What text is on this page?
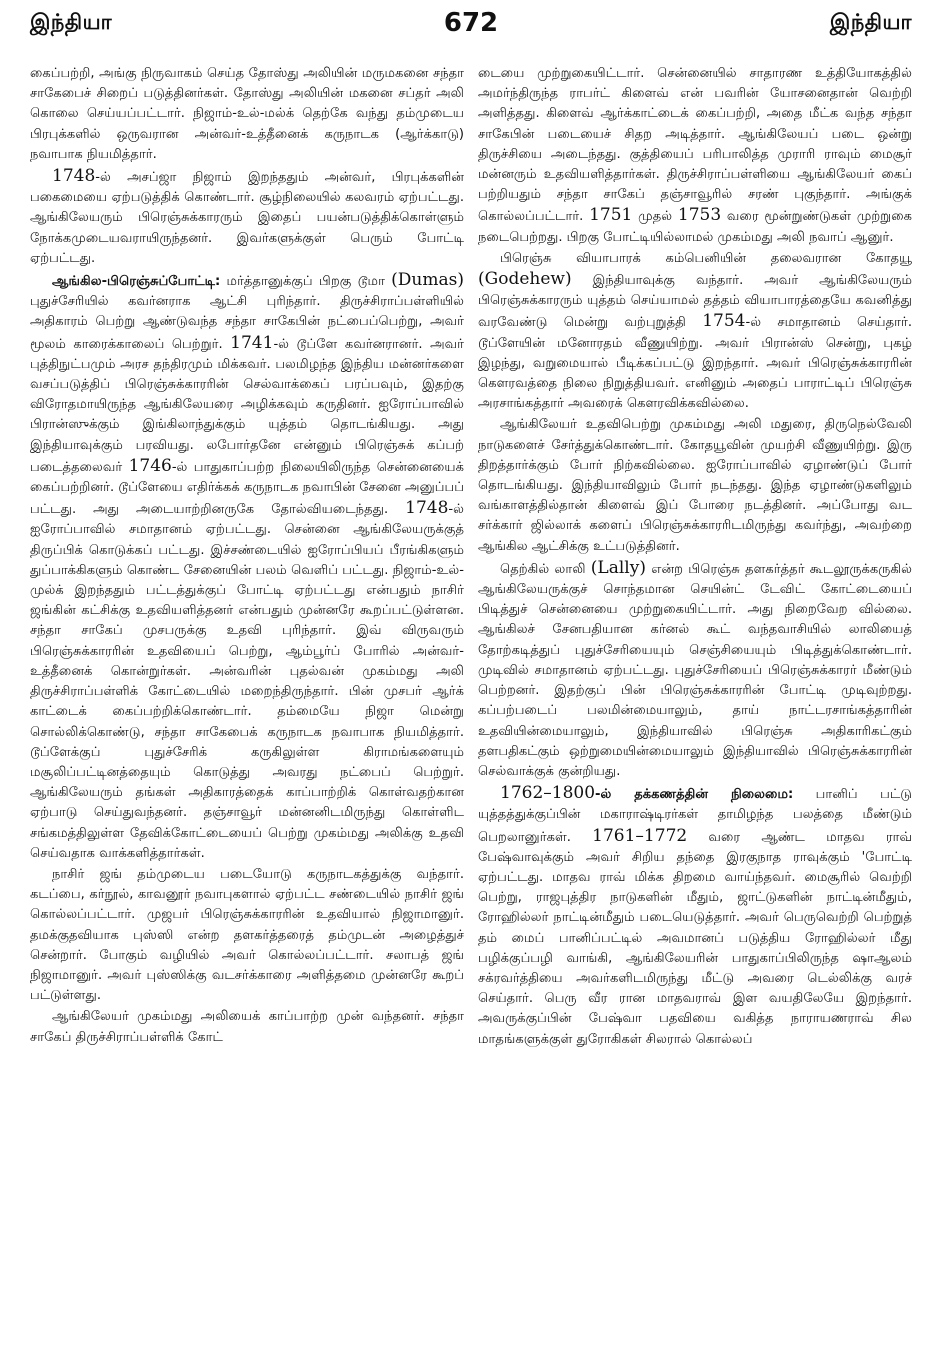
இந்தியா	672	இந்தியா

கைப்பற்றி, அங்கு நிருவாகம் செய்த தோஸ்து அலியின் மருமகனை சந்தா சாகேபைச் சிறைப் படுத்தினர்கள். தோஸ்து அலியின் மகனை சப்தர் அலி கொலை செய்யப்பட்டார். நிஜாம்-உல்-மல்க் தெற்கே வந்து தம்முடைய பிரபுக்களில் ஒருவரான அன்வர்-உத்தீனைக் கருநாடக (ஆர்க்காடு) நவாபாக நியமித்தார்.

1748-ல் அசப்ஜா நிஜாம் இறந்ததும் அன்வர், பிரபுக்களின் பகைமையை ஏற்படுத்திக் கொண்டார். சூழ்நிலையில் கலவரம் ஏற்பட்டது. ஆங்கிலேயரும் பிரெஞ்சுக்காரரும் இதைப் பயன்படுத்திக்கொள்ளும் நோக்கமுடையவராயிருந்தனர். இவர்களுக்குள் பெரும் போட்டி ஏற்பட்டது.

ஆங்கில-பிரெஞ்சுப்போட்டி: மர்த்தானுக்குப் பிறகு டூமா (Dumas) புதுச்சேரியில் கவர்னராக ஆட்சி புரிந்தார். திருச்சிராப்பள்ளியில் அதிகாரம் பெற்று ஆண்டுவந்த சந்தா சாகேபின் நட்பைப்பெற்று, அவர் மூலம் காரைக்காலைப் பெற்றுர். 1741-ல் டூப்ளே கவர்னரானர். அவர் புத்திநுட்பமும் அரச தந்திரமும் மிக்கவர். பலமிழந்த இந்திய மன்னர்களை வசப்படுத்திப் பிரெஞ்சுக்காரரின் செல்வாக்கைப் பரப்பவும், இதற்கு விரோதமாயிருந்த ஆங்கிலேயரை அழிக்கவும் கருதினர். ஐரோப்பாவில் பிரான்ஸுக்கும் இங்கிலாந்துக்கும் யுத்தம் தொடங்கியது. அது இந்தியாவுக்கும் பரவியது. லபோர்தனே என்னும் பிரெஞ்சுக் கப்பற் படைத்தலைவர் 1746-ல் பாதுகாப்பற்ற நிலையிலிருந்த சென்னையைக் கைப்பற்றினர். டூப்ளேயை எதிர்க்கக் கருநாடக நவாபின் சேனை அனுப்பப் பட்டது. அது அடையாற்றினருகே தோல்வியடைந்தது. 1748-ல் ஐரோப்பாவில் சமாதானம் ஏற்பட்டது. சென்னை ஆங்கிலேயருக்குத் திருப்பிக் கொடுக்கப் பட்டது. இச்சண்டையில் ஐரோப்பியப் பீரங்கிகளும் துப்பாக்கிகளும் கொண்ட சேனையின் பலம் வெளிப் பட்டது. நிஜாம்-உல்-முல்க் இறந்ததும் பட்டத்துக்குப் போட்டி ஏற்பட்டது என்பதும் நாசிர் ஜங்கின் கட்சிக்கு உதவியளித்தனர் என்பதும் முன்னரே கூறப்பட்டுள்ளன. சந்தா சாகேப் முசபருக்கு உதவி புரிந்தார். இவ் விருவரும் பிரெஞ்சுக்காரரின் உதவியைப் பெற்று, ஆம்பூர்ப் போரில் அன்வர்-உத்தீனைக் கொன்றுர்கள். அன்வரின் புதல்வன் முகம்மது அலி திருச்சிராப்பள்ளிக் கோட்டையில் மறைந்திருந்தார். பின் முசபர் ஆர்க் காட்டைக் கைப்பற்றிக்கொண்டார். தம்மையே நிஜா மென்று சொல்லிக்கொண்டு, சந்தா சாகேபைக் கருநாடக நவாபாக நியமித்தார். டூப்ளேக்குப் புதுச்சேரிக் கருகிலுள்ள கிராமங்களையும் மசூலிப்பட்டினத்தையும் கொடுத்து அவரது நட்பைப் பெற்றுர். ஆங்கிலேயரும் தங்கள் அதிகாரத்தைக் காப்பாற்றிக் கொள்வதற்கான ஏற்பாடு செய்துவந்தனர். தஞ்சாவூர் மன்னனிடமிருந்து கொள்ளிட சங்கமத்திலுள்ள தேவிக்கோட்டையைப் பெற்று முகம்மது அலிக்கு உதவி செய்வதாக வாக்களித்தார்கள்.

நாசிர் ஜங் தம்முடைய படையோடு கருநாடகத்துக்கு வந்தார். கடப்பை, கர்நூல், காவனூர் நவாபுகளால் ஏற்பட்ட சண்டையில் நாசிர் ஜங் கொல்லப்பட்டார். முஜபர் பிரெஞ்சுக்காரரின் உதவியால் நிஜாமானுர். தமக்குதவியாக புஸ்ஸி என்ற தளகர்த்தரைத் தம்முடன் அழைத்துச் சென்றார். போகும் வழியில் அவர் கொல்லப்பட்டார். சலாபத் ஜங் நிஜாமானுர். அவர் புஸ்ஸிக்கு வடசர்க்காரை அளித்தமை முன்னரே கூறப் பட்டுள்ளது.

ஆங்கிலேயர் முகம்மது அலியைக் காப்பாற்ற முன் வந்தனர். சந்தா சாகேப் திருச்சிராப்பள்ளிக் கோட்

டையை முற்றுகையிட்டார். சென்னையில் சாதாரண உத்தியோகத்தில் அமர்ந்திருந்த ராபர்ட் கிளைவ் என் பவரின் யோசனைதான் வெற்றி அளித்தது. கிளைவ் ஆர்க்காட்டைக் கைப்பற்றி, அதை மீட்க வந்த சந்தா சாகேபின் படையைச் சிதற அடித்தார். ஆங்கிலேயப் படை ஒன்று திருச்சியை அடைந்தது. குத்தியைப் பரிபாலித்த முராரி ராவும் மைசூர் மன்னரும் உதவியளித்தார்கள். திருச்சிராப்பள்ளியை ஆங்கிலேயர் கைப் பற்றியதும் சந்தா சாகேப் தஞ்சாவூரில் சரண் புகுந்தார். அங்குக் கொல்லப்பட்டார். 1751 முதல் 1753 வரை மூன்றுண்டுகள் முற்றுகை நடைபெற்றது. பிறகு போட்டியில்லாமல் முகம்மது அலி நவாப் ஆனுர்.

பிரெஞ்சு வியாபாரக் கம்பெனியின் தலைவரான கோதயூ (Godehew) இந்தியாவுக்கு வந்தார். அவர் ஆங்கிலேயரும் பிரெஞ்சுக்காரரும் யுத்தம் செய்யாமல் தத்தம் வியாபாரத்தையே கவனித்து வரவேண்டு மென்று வற்புறுத்தி 1754-ல் சமாதானம் செய்தார். டூப்ளேயின் மனோரதம் வீணுயிற்று. அவர் பிரான்ஸ் சென்று, புகழ் இழந்து, வறுமையால் பீடிக்கப்பட்டு இறந்தார். அவர் பிரெஞ்சுக்காரரின் கௌரவத்தை நிலை நிறுத்தியவர். எனினும் அதைப் பாராட்டிப் பிரெஞ்சு அரசாங்கத்தார் அவரைக் கௌரவிக்கவில்லை.

ஆங்கிலேயர் உதவிபெற்று முகம்மது அலி மதுரை, திருநெல்வேலி நாடுகளைச் சேர்த்துக்கொண்டார். கோதயூவின் முயற்சி வீணுயிற்று. இரு திறத்தார்க்கும் போர் நிற்கவில்லை. ஐரோப்பாவில் ஏழாண்டுப் போர் தொடங்கியது. இந்தியாவிலும் போர் நடந்தது. இந்த ஏழாண்டுகளிலும் வங்காளத்தில்தான் கிளைவ் இப் போரை நடத்தினர். அப்போது வட சர்க்கார் ஜில்லாக் களைப் பிரெஞ்சுக்காரரிடமிருந்து கவர்ந்து, அவற்றை ஆங்கில ஆட்சிக்கு உட்படுத்தினர்.

தெற்கில் லாலி (Lally) என்ற பிரெஞ்சு தளகர்த்தர் கூடலூருக்கருகில் ஆங்கிலேயருக்குச் சொந்தமான செயின்ட் டேவிட் கோட்டையைப் பிடித்துச் சென்னையை முற்றுகையிட்டார். அது நிறைவேற வில்லை. ஆங்கிலச் சேனபதியான கர்னல் கூட் வந்தவாசியில் லாலியைத் தோற்கடித்துப் புதுச்சேரியையும் செஞ்சியையும் பிடித்துக்கொண்டார். முடிவில் சமாதானம் ஏற்பட்டது. புதுச்சேரியைப் பிரெஞ்சுக்காரர் மீண்டும் பெற்றனர். இதற்குப் பின் பிரெஞ்சுக்காரரின் போட்டி முடிவுற்றது. கப்பற்படைப் பலமின்மையாலும், தாய் நாட்டரசாங்கத்தாரின் உதவியின்மையாலும், இந்தியாவில் பிரெஞ்சு அதிகாரிகட்கும் தளபதிகட்கும் ஒற்றுமையின்மையாலும் இந்தியாவில் பிரெஞ்சுக்காரரின் செல்வாக்குக் குன்றியது.

1762–1800-ல் தக்கணத்தின் நிலைமை: பானிப் பட்டு யுத்தத்துக்குப்பின் மகாராஷ்டிரர்கள் தாமிழந்த பலத்தை மீண்டும் பெறலானுர்கள். 1761–1772 வரை ஆண்ட மாதவ ராவ் பேஷ்வாவுக்கும் அவர் சிறிய தந்தை இரகுநாத ராவுக்கும் 'போட்டி ஏற்பட்டது. மாதவ ராவ் மிக்க திறமை வாய்ந்தவர். மைசூரில் வெற்றி பெற்று, ராஜபுத்திர நாடுகளின் மீதும், ஜாட்டுகளின் நாட்டின்மீதும், ரோஹில்லர் நாட்டின்மீதும் படையெடுத்தார். அவர் பெருவெற்றி பெற்றுத் தம் மைப் பானிப்பட்டில் அவமானப் படுத்திய ரோஹில்லர் மீது பழிக்குப்பழி வாங்கி, ஆங்கிலேயரின் பாதுகாப்பிலிருந்த ஷாஆலம் சக்ரவர்த்தியை அவர்களிடமிருந்து மீட்டு அவரை டெல்லிக்கு வரச் செய்தார். பெரு வீர ரான மாதவராவ் இள வயதிலேயே இறந்தார். அவருக்குப்பின் பேஷ்வா பதவியை வகித்த நாராயணராவ் சில மாதங்களுக்குள் துரோகிகள் சிலரால் கொல்லப்
